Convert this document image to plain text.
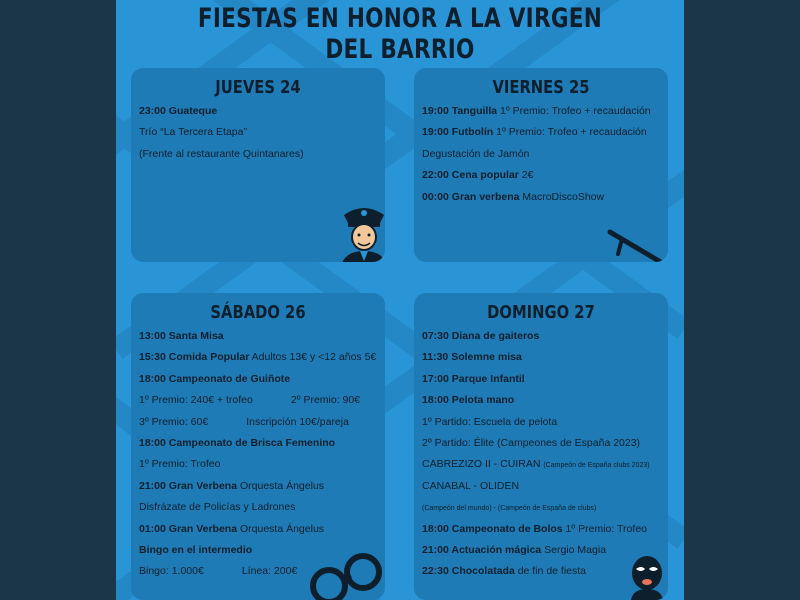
FIESTAS EN HONOR A LA VIRGEN DEL BARRIO
JUEVES 24
23:00 Guateque
Trío “La Tercera Etapa”
(Frente al restaurante Quintanares)
VIERNES 25
19:00 Tanguilla 1º Premio: Trofeo + recaudación
19:00 Futbolín 1º Premio: Trofeo + recaudación
Degustación de Jamón
22:00 Cena popular 2€
00:00 Gran verbena MacroDiscoShow
SÁBADO 26
13:00 Santa Misa
15:30 Comida Popular Adultos 13€ y <12 años 5€
18:00 Campeonato de Guiñote
1º Premio: 240€ + trofeo	2º Premio: 90€
3º Premio: 60€	Inscripción 10€/pareja
18:00 Campeonato de Brisca Femenino
1º Premio: Trofeo
21:00 Gran Verbena Orquesta Ángelus
Disfrázate de Policías y Ladrones
01:00 Gran Verbena Orquesta Ángelus
Bingo en el intermedio
Bingo: 1.000€	Línea: 200€
DOMINGO 27
07:30 Diana de gaiteros
11:30 Solemne misa
17:00 Parque Infantil
18:00 Pelota mano
1º Partido: Escuela de pelota
2º Partido: Élite (Campeones de España 2023)
CABREZIZO II - CUIRAN (Campeón de España clubs 2023)
CANABAL - OLIDEN
(Campeón del mundo) - (Campeón de España de clubs)
18:00 Campeonato de Bolos 1º Premio: Trofeo
21:00 Actuación mágica Sergio Magia
22:30 Chocolatada de fin de fiesta
